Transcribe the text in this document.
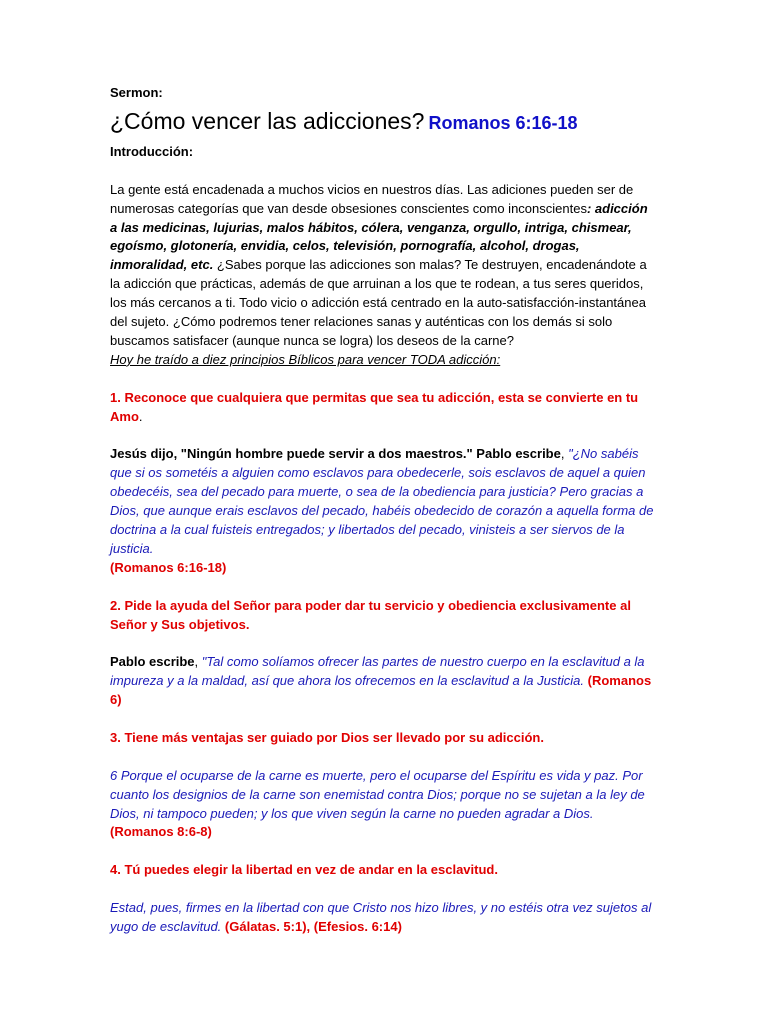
Sermon:

¿Cómo vencer las adicciones? Romanos 6:16-18

Introducción:

La gente está encadenada a muchos vicios en nuestros días. Las adiciones pueden ser de numerosas categorías que van desde obsesiones conscientes como inconscientes: adicción a las medicinas, lujurias, malos hábitos, cólera, venganza, orgullo, intriga, chismear, egoísmo, glotonería, envidia, celos, televisión, pornografía, alcohol, drogas, inmoralidad, etc. ¿Sabes porque las adicciones son malas? Te destruyen, encadenándote a la adicción que prácticas, además de que arruinan a los que te rodean, a tus seres queridos, los más cercanos a ti. Todo vicio o adicción está centrado en la auto-satisfacción-instantánea del sujeto. ¿Cómo podremos tener relaciones sanas y auténticas con los demás si solo buscamos satisfacer (aunque nunca se logra) los deseos de la carne?

Hoy he traído a diez principios Bíblicos para vencer TODA adicción:

1. Reconoce que cualquiera que permitas que sea tu adicción, esta se convierte en tu Amo.

Jesús dijo, "Ningún hombre puede servir a dos maestros." Pablo escribe, "¿No sabéis que si os sometéis a alguien como esclavos para obedecerle, sois esclavos de aquel a quien obedecéis, sea del pecado para muerte, o sea de la obediencia para justicia? Pero gracias a Dios, que aunque erais esclavos del pecado, habéis obedecido de corazón a aquella forma de doctrina a la cual fuisteis entregados; y libertados del pecado, vinisteis a ser siervos de la justicia.
(Romanos 6:16-18)

2. Pide la ayuda del Señor para poder dar tu servicio y obediencia exclusivamente al Señor y Sus objetivos.

Pablo escribe, "Tal como solíamos ofrecer las partes de nuestro cuerpo en la esclavitud a la impureza y a la maldad, así que ahora los ofrecemos en la esclavitud a la Justicia. (Romanos 6)

3. Tiene más ventajas ser guiado por Dios ser llevado por su adicción.

6 Porque el ocuparse de la carne es muerte, pero el ocuparse del Espíritu es vida y paz. Por cuanto los designios de la carne son enemistad contra Dios; porque no se sujetan a la ley de Dios, ni tampoco pueden; y los que viven según la carne no pueden agradar a Dios. (Romanos 8:6-8)

4. Tú puedes elegir la libertad en vez de andar en la esclavitud.

Estad, pues, firmes en la libertad con que Cristo nos hizo libres, y no estéis otra vez sujetos al yugo de esclavitud. (Gálatas. 5:1), (Efesios. 6:14)
